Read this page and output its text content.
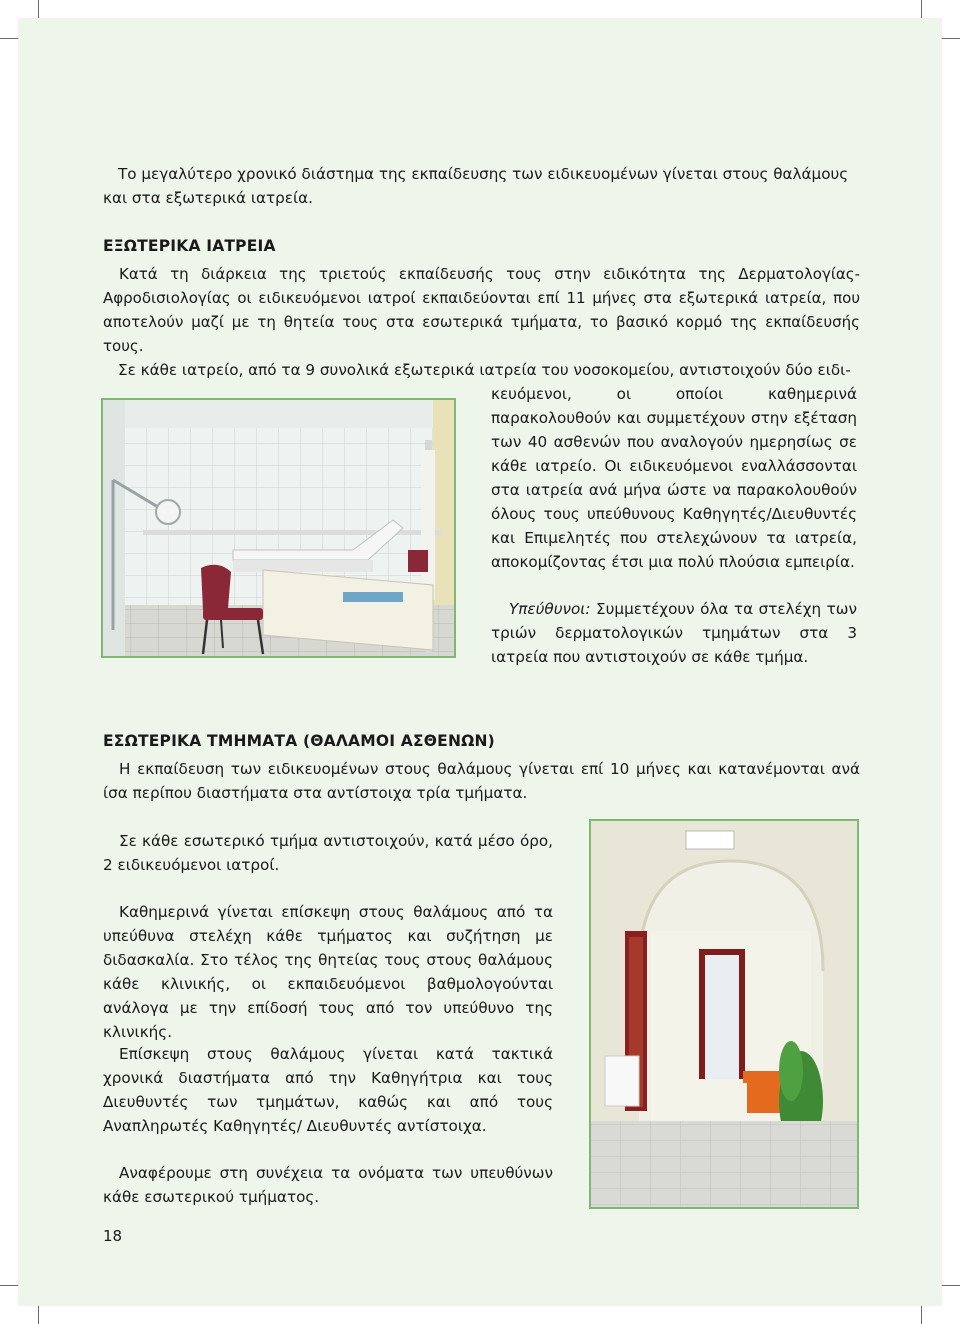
Το μεγαλύτερο χρονικό διάστημα της εκπαίδευσης των ειδικευομένων γίνεται στους θαλάμους
και στα εξωτερικά ιατρεία.
ΕΞΩΤΕΡΙΚΑ ΙΑΤΡΕΙΑ

Κατά τη διάρκεια της τριετούς εκπαίδευσής τους στην ειδικότητα της Δερματολογίας-Αφροδισιολογίας οι ειδικευόμενοι ιατροί εκπαιδεύονται επί 11 μήνες στα εξωτερικά ιατρεία, που αποτελούν μαζί με τη θητεία τους στα εσωτερικά τμήματα, το βασικό κορμό της εκπαίδευσής τους.

Σε κάθε ιατρείο, από τα 9 συνολικά εξωτερικά ιατρεία του νοσοκομείου, αντιστοιχούν δύο ειδι-

κευόμενοι, οι οποίοι καθημερινά παρακολουθούν και συμμετέχουν στην εξέταση των 40 ασθενών που αναλογούν ημερησίως σε κάθε ιατρείο. Οι ειδικευόμενοι εναλλάσσονται στα ιατρεία ανά μήνα ώστε να παρακολουθούν όλους τους υπεύθυνους Καθηγητές/Διευθυντές και Επιμελητές που στελεχώνουν τα ιατρεία, αποκομίζοντας έτσι μια πολύ πλούσια εμπειρία.

Υπεύθυνοι: Συμμετέχουν όλα τα στελέχη των τριών δερματολογικών τμημάτων στα 3 ιατρεία που αντιστοιχούν σε κάθε τμήμα.

ΕΣΩΤΕΡΙΚΑ ΤΜΗΜΑΤΑ (ΘΑΛΑΜΟΙ ΑΣΘΕΝΩΝ)

Η εκπαίδευση των ειδικευομένων στους θαλάμους γίνεται επί 10 μήνες και κατανέμονται ανά ίσα περίπου διαστήματα στα αντίστοιχα τρία τμήματα.

Σε κάθε εσωτερικό τμήμα αντιστοιχούν, κατά μέσο όρο, 2 ειδικευόμενοι ιατροί.

Καθημερινά γίνεται επίσκεψη στους θαλάμους από τα υπεύθυνα στελέχη κάθε τμήματος και συζήτηση με διδασκαλία. Στο τέλος της θητείας τους στους θαλάμους κάθε κλινικής, οι εκπαιδευόμενοι βαθμολογούνται ανάλογα με την επίδοσή τους από τον υπεύθυνο της κλινικής.

Επίσκεψη στους θαλάμους γίνεται κατά τακτικά χρονικά διαστήματα από την Καθηγήτρια και τους Διευθυντές των τμημάτων, καθώς και από τους Αναπληρωτές Καθηγητές/ Διευθυντές αντίστοιχα.

Αναφέρουμε στη συνέχεια τα ονόματα των υπευθύνων κάθε εσωτερικού τμήματος.

18
